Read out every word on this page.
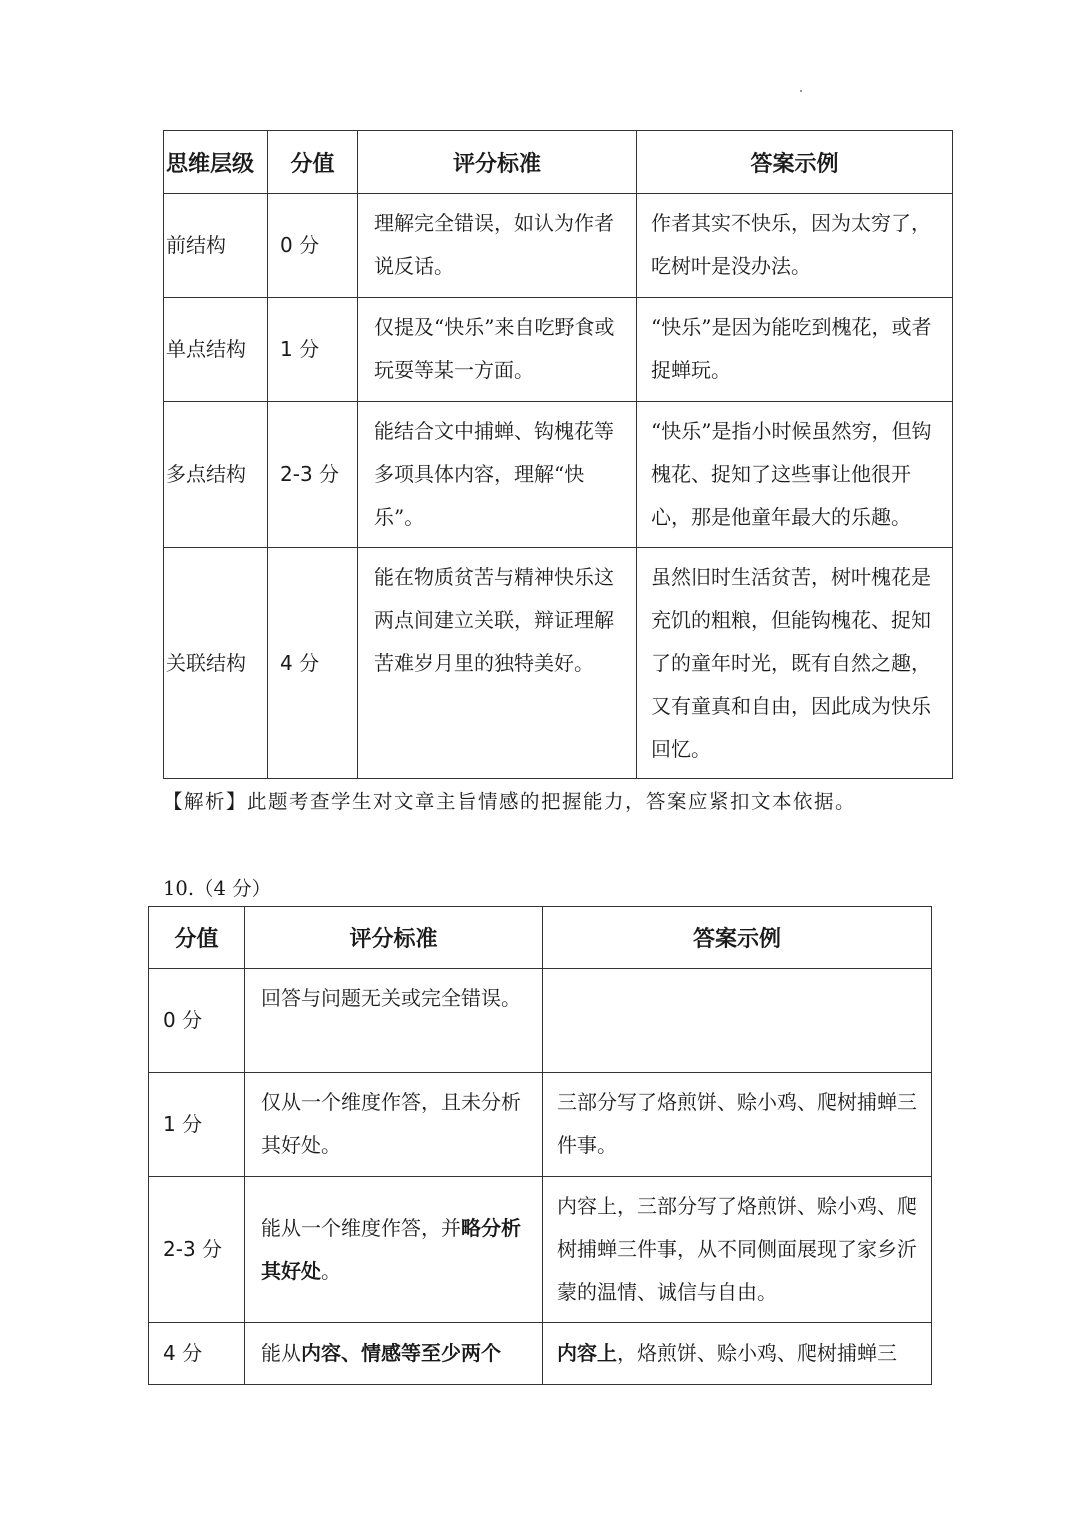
思维层级	分值	评分标准	答案示例
前结构	0 分	理解完全错误，如认为作者说反话。	作者其实不快乐，因为太穷了，吃树叶是没办法。
单点结构	1 分	仅提及“快乐”来自吃野食或玩耍等某一方面。	“快乐”是因为能吃到槐花，或者捉蝉玩。
多点结构	2-3 分	能结合文中捕蝉、钩槐花等多项具体内容，理解“快乐”。	“快乐”是指小时候虽然穷，但钩槐花、捉知了这些事让他很开心，那是他童年最大的乐趣。
关联结构	4 分	能在物质贫苦与精神快乐这两点间建立关联，辩证理解苦难岁月里的独特美好。	虽然旧时生活贫苦，树叶槐花是充饥的粗粮，但能钩槐花、捉知了的童年时光，既有自然之趣，又有童真和自由，因此成为快乐回忆。
【解析】此题考查学生对文章主旨情感的把握能力，答案应紧扣文本依据。
10.（4 分）
分值	评分标准	答案示例
0 分	回答与问题无关或完全错误。	
1 分	仅从一个维度作答，且未分析其好处。	三部分写了烙煎饼、赊小鸡、爬树捕蝉三件事。
2-3 分	能从一个维度作答，并略分析其好处。	内容上，三部分写了烙煎饼、赊小鸡、爬树捕蝉三件事，从不同侧面展现了家乡沂蒙的温情、诚信与自由。
4 分	能从内容、情感等至少两个	内容上，烙煎饼、赊小鸡、爬树捕蝉三
